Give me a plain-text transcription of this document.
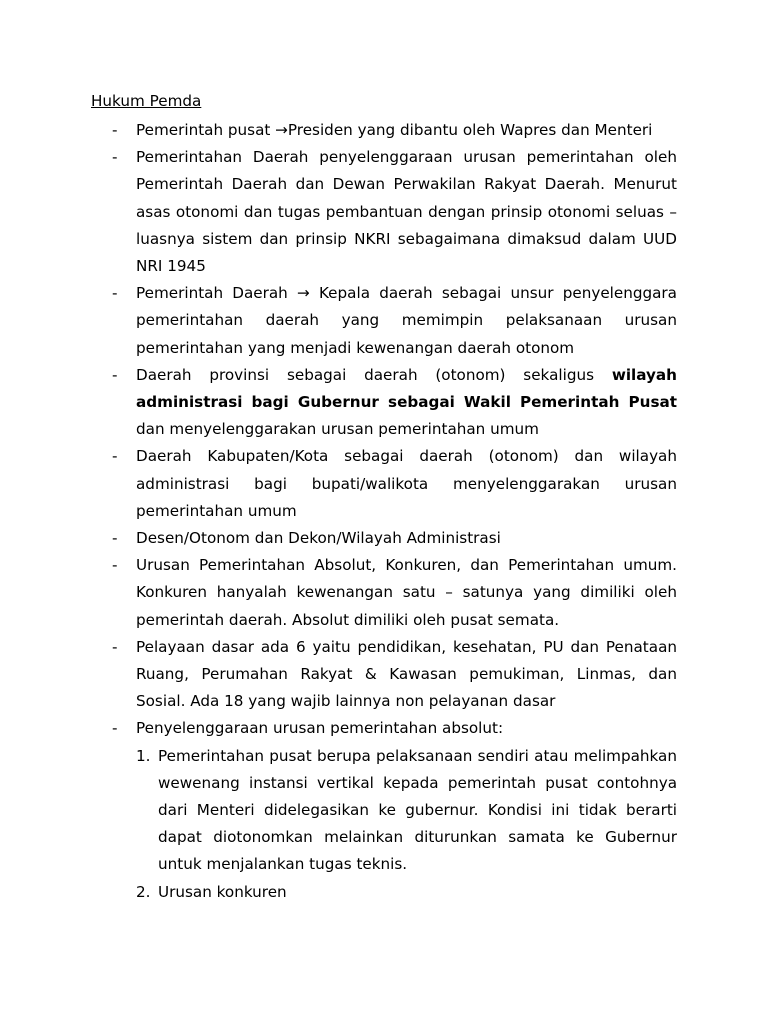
Hukum Pemda
- Pemerintah pusat →Presiden yang dibantu oleh Wapres dan Menteri
- Pemerintahan Daerah penyelenggaraan urusan pemerintahan oleh Pemerintah Daerah dan Dewan Perwakilan Rakyat Daerah. Menurut asas otonomi dan tugas pembantuan dengan prinsip otonomi seluas – luasnya sistem dan prinsip NKRI sebagaimana dimaksud dalam UUD NRI 1945
- Pemerintah Daerah → Kepala daerah sebagai unsur penyelenggara pemerintahan daerah yang memimpin pelaksanaan urusan pemerintahan yang menjadi kewenangan daerah otonom
- Daerah provinsi sebagai daerah (otonom) sekaligus wilayah administrasi bagi Gubernur sebagai Wakil Pemerintah Pusat dan menyelenggarakan urusan pemerintahan umum
- Daerah Kabupaten/Kota sebagai daerah (otonom) dan wilayah administrasi bagi bupati/walikota menyelenggarakan urusan pemerintahan umum
- Desen/Otonom dan Dekon/Wilayah Administrasi
- Urusan Pemerintahan Absolut, Konkuren, dan Pemerintahan umum. Konkuren hanyalah kewenangan satu – satunya yang dimiliki oleh pemerintah daerah. Absolut dimiliki oleh pusat semata.
- Pelayaan dasar ada 6 yaitu pendidikan, kesehatan, PU dan Penataan Ruang, Perumahan Rakyat & Kawasan pemukiman, Linmas, dan Sosial. Ada 18 yang wajib lainnya non pelayanan dasar
- Penyelenggaraan urusan pemerintahan absolut:
1. Pemerintahan pusat berupa pelaksanaan sendiri atau melimpahkan wewenang instansi vertikal kepada pemerintah pusat contohnya dari Menteri didelegasikan ke gubernur. Kondisi ini tidak berarti dapat diotonomkan melainkan diturunkan samata ke Gubernur untuk menjalankan tugas teknis.
2. Urusan konkuren
